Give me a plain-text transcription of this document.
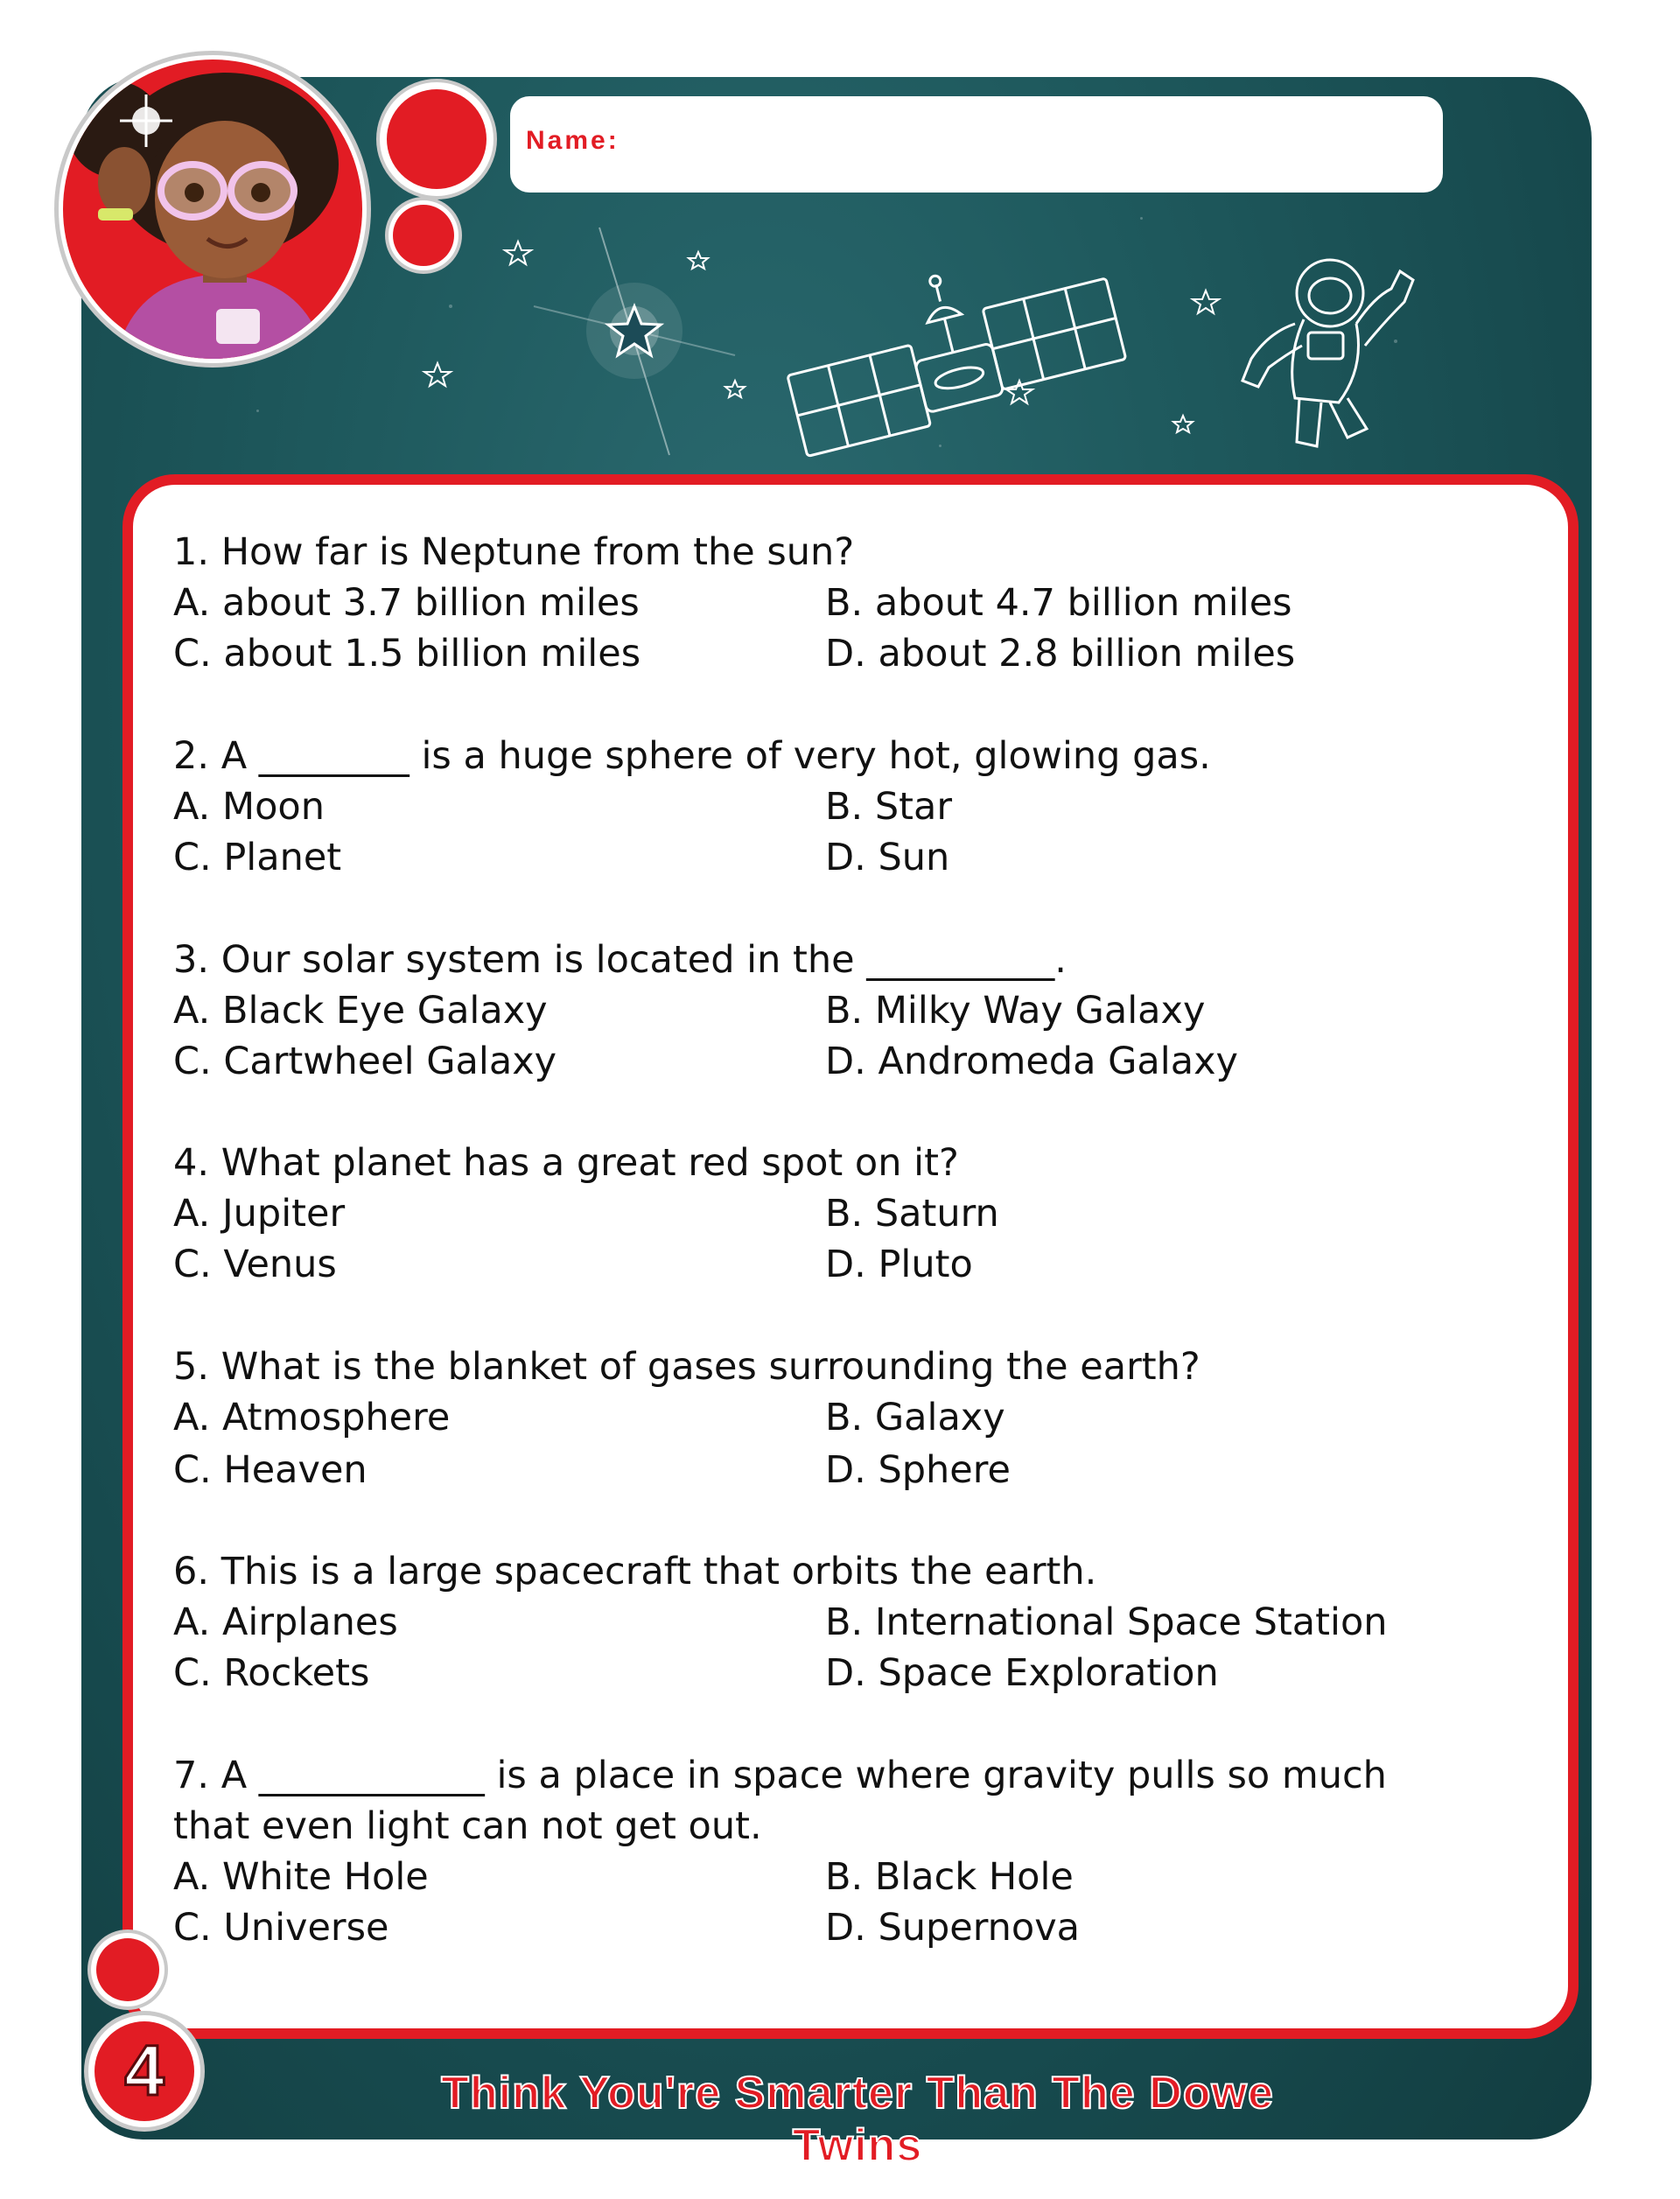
Name:
1. How far is Neptune from the sun?
A. about 3.7 billion miles	B. about 4.7 billion miles
C. about 1.5 billion miles	D. about 2.8 billion miles
2. A ________ is a huge sphere of very hot, glowing gas.
A. Moon	B. Star
C. Planet	D. Sun
3. Our solar system is located in the __________.
A. Black Eye Galaxy	B. Milky Way Galaxy
C. Cartwheel Galaxy	D. Andromeda Galaxy
4. What planet has a great red spot on it?
A. Jupiter	B. Saturn
C. Venus	D. Pluto
5. What is the blanket of gases surrounding the earth?
A. Atmosphere	B. Galaxy
C. Heaven	D. Sphere
6. This is a large spacecraft that orbits the earth.
A. Airplanes	B. International Space Station
C. Rockets	D. Space Exploration
7. A ____________ is a place in space where gravity pulls so much
that even light can not get out.
A. White Hole	B. Black Hole
C. Universe	D. Supernova
4	Think You're Smarter Than The Dowe Twins
